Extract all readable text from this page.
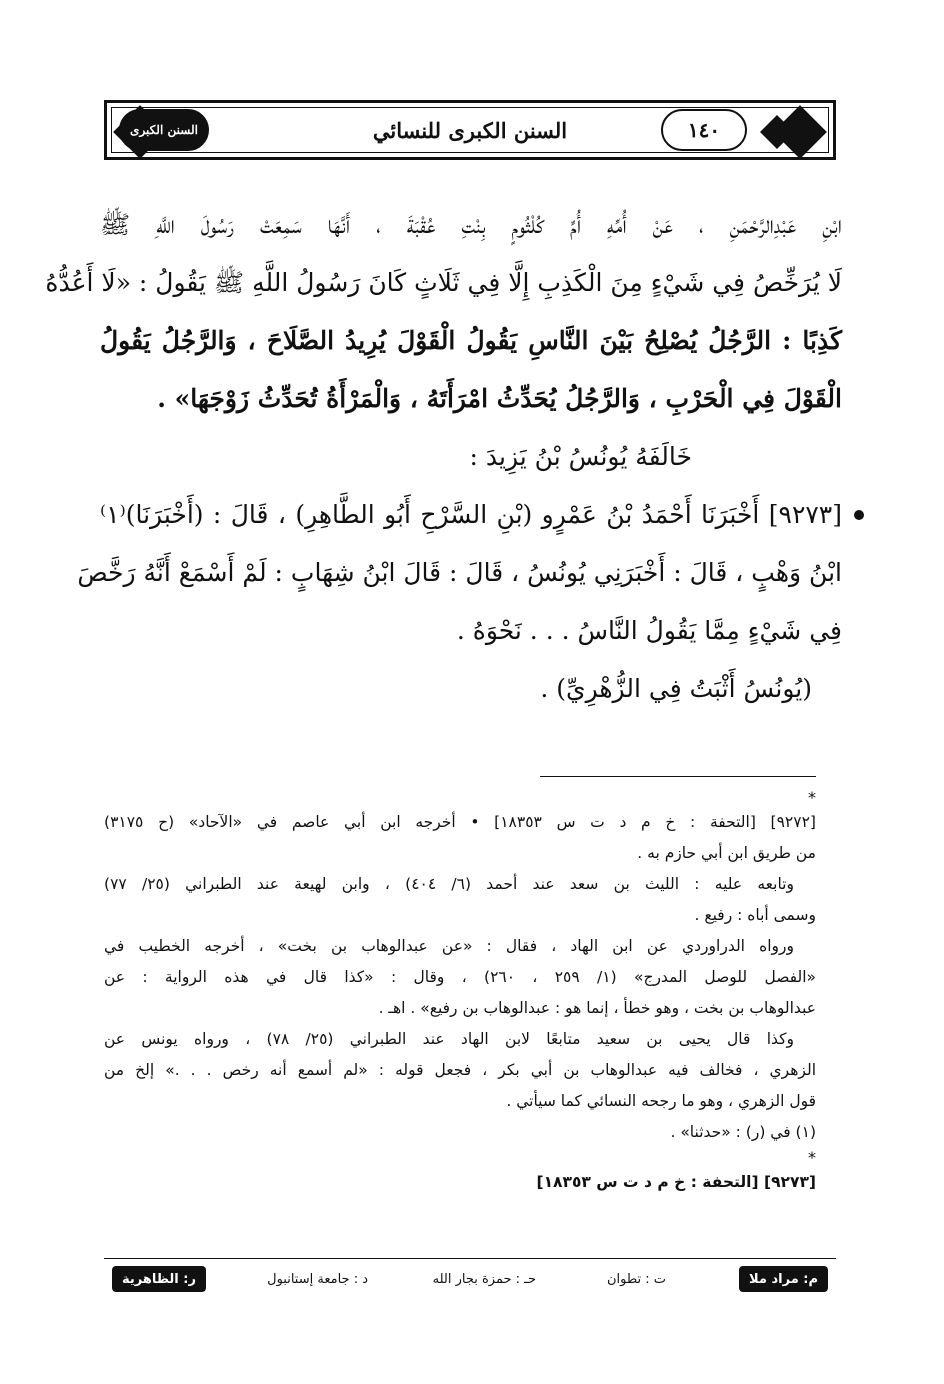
السنن الكبرى	السنن الكبرى للنسائي	١٤٠
ابْنِ عَبْدِالرَّحْمَنِ ، عَنْ أُمِّهِ أُمِّ كُلْثُومٍ بِنْتِ عُقْبَةَ ، أَنَّهَا سَمِعَتْ رَسُولَ اللَّهِ ﷺ
لَا يُرَخِّصُ فِي شَيْءٍ مِنَ الْكَذِبِ إِلَّا فِي ثَلَاثٍ كَانَ رَسُولُ اللَّهِ ﷺ يَقُولُ : «لَا أَعُدُّهُ
كَذِبًا : الرَّجُلُ يُصْلِحُ بَيْنَ النَّاسِ يَقُولُ الْقَوْلَ يُرِيدُ الصَّلَاحَ ، وَالرَّجُلُ يَقُولُ
الْقَوْلَ فِي الْحَرْبِ ، وَالرَّجُلُ يُحَدِّثُ امْرَأَتَهُ ، وَالْمَرْأَةُ تُحَدِّثُ زَوْجَهَا» .
خَالَفَهُ يُونُسُ بْنُ يَزِيدَ :
[٩٢٧٣] أَخْبَرَنَا أَحْمَدُ بْنُ عَمْرٍو (بْنِ السَّرْحِ أَبُو الطَّاهِرِ) ، قَالَ : (أَخْبَرَنَا)⁽١⁾
ابْنُ وَهْبٍ ، قَالَ : أَخْبَرَنِي يُونُسُ ، قَالَ : قَالَ ابْنُ شِهَابٍ : لَمْ أَسْمَعْ أَنَّهُ رَخَّصَ
فِي شَيْءٍ مِمَّا يَقُولُ النَّاسُ . . . نَحْوَهُ .
(يُونُسُ أَثْبَتُ فِي الزُّهْرِيِّ) .
*
[٩٢٧٢] [التحفة : خ م د ت س ١٨٣٥٣] • أخرجه ابن أبي عاصم في «الآحاد» (ح ٣١٧٥)
من طريق ابن أبي حازم به .
وتابعه عليه : الليث بن سعد عند أحمد (٦/ ٤٠٤) ، وابن لهيعة عند الطبراني (٢٥/ ٧٧)
وسمى أباه : رفيع .
ورواه الدراوردي عن ابن الهاد ، فقال : «عن عبدالوهاب بن بخت» ، أخرجه الخطيب في
«الفصل للوصل المدرج» (١/ ٢٥٩ ، ٢٦٠) ، وقال : «كذا قال في هذه الرواية : عن
عبدالوهاب بن بخت ، وهو خطأ ، إنما هو : عبدالوهاب بن رفيع» . اهـ .
وكذا قال يحيى بن سعيد متابعًا لابن الهاد عند الطبراني (٢٥/ ٧٨) ، ورواه يونس عن
الزهري ، فخالف فيه عبدالوهاب بن أبي بكر ، فجعل قوله : «لم أسمع أنه رخص . . .» إلخ من
قول الزهري ، وهو ما رجحه النسائي كما سيأتي .
(١) في (ر) : «حدثنا» .
*
[٩٢٧٣] [التحفة : خ م د ت س ١٨٣٥٣]
م: مراد ملا
ت : تطوان
حـ : حمزة بجار الله
د : جامعة إستانبول
ر: الظاهرية
